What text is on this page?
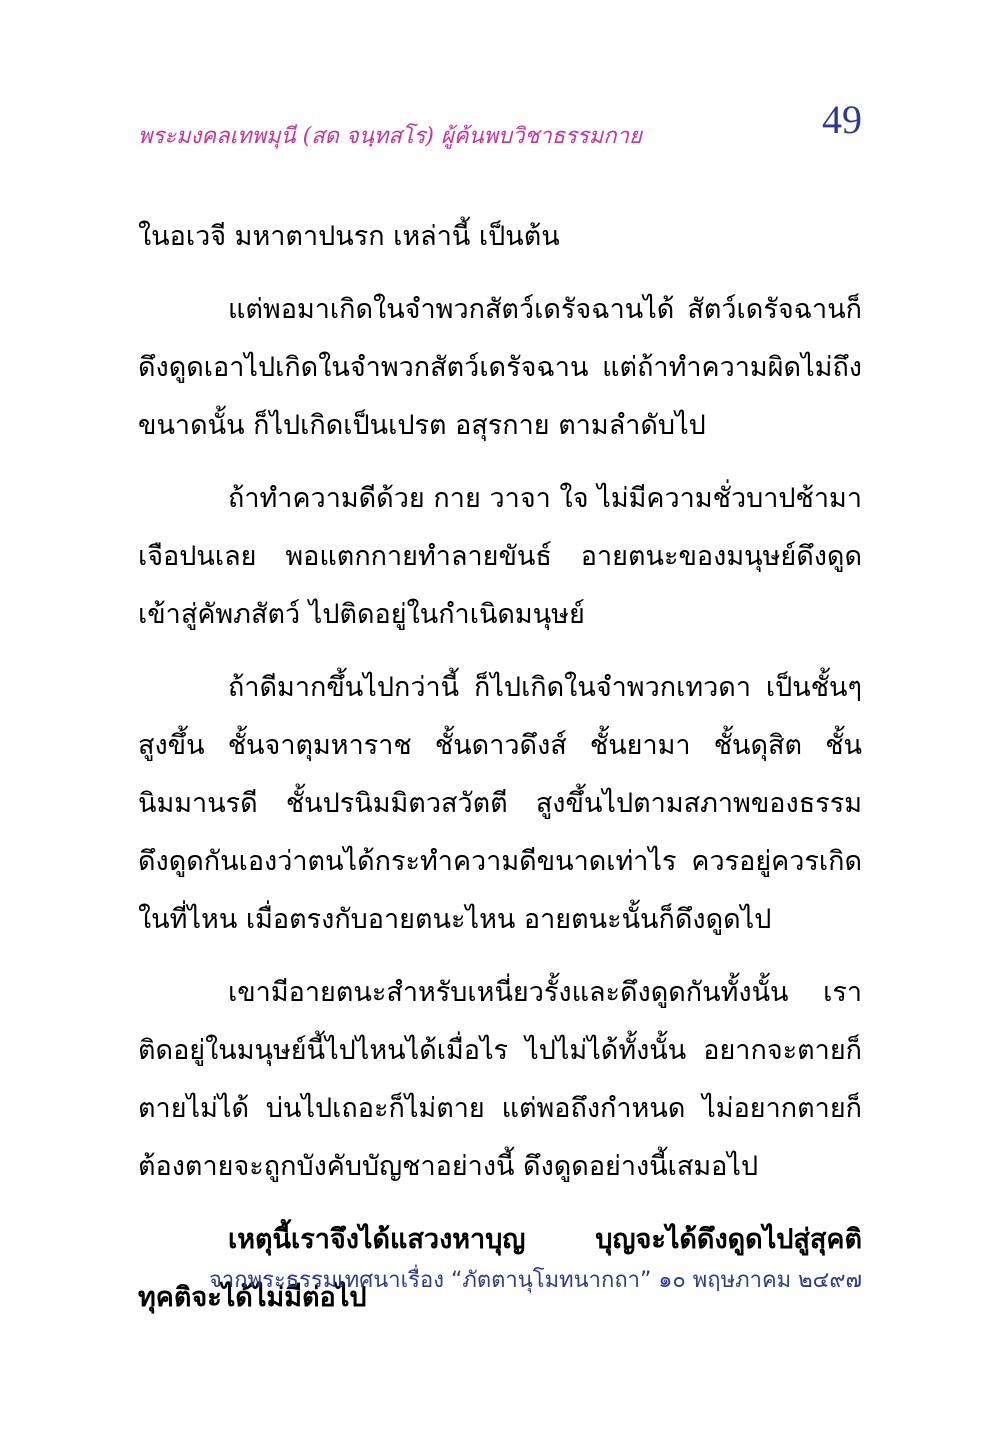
พระมงคลเทพมุนี (สด จนฺทสโร) ผู้ค้นพบวิชาธรรมกาย	49

ในอเวจี มหาตาปนรก เหล่านี้ เป็นต้น

แต่พอมาเกิดในจำพวกสัตว์เดรัจฉานได้ สัตว์เดรัจฉานก็ดึงดูดเอาไปเกิดในจำพวกสัตว์เดรัจฉาน แต่ถ้าทำความผิดไม่ถึงขนาดนั้น ก็ไปเกิดเป็นเปรต อสุรกาย ตามลำดับไป

ถ้าทำความดีด้วย กาย วาจา ใจ ไม่มีความชั่วบาปช้ามาเจือปนเลย พอแตกกายทำลายขันธ์ อายตนะของมนุษย์ดึงดูด เข้าสู่คัพภสัตว์ ไปติดอยู่ในกำเนิดมนุษย์

ถ้าดีมากขึ้นไปกว่านี้ ก็ไปเกิดในจำพวกเทวดา เป็นชั้นๆ สูงขึ้น ชั้นจาตุมหาราช ชั้นดาวดึงส์ ชั้นยามา ชั้นดุสิต ชั้นนิมมานรดี ชั้นปรนิมมิตวสวัตตี สูงขึ้นไปตามสภาพของธรรมดึงดูดกันเองว่าตนได้กระทำความดีขนาดเท่าไร ควรอยู่ควรเกิดในที่ไหน เมื่อตรงกับอายตนะไหน อายตนะนั้นก็ดึงดูดไป

เขามีอายตนะสำหรับเหนี่ยวรั้งและดึงดูดกันทั้งนั้น เราติดอยู่ในมนุษย์นี้ไปไหนได้เมื่อไร ไปไม่ได้ทั้งนั้น อยากจะตายก็ตายไม่ได้ บ่นไปเถอะก็ไม่ตาย แต่พอถึงกำหนด ไม่อยากตายก็ต้องตายจะถูกบังคับบัญชาอย่างนี้ ดึงดูดอย่างนี้เสมอไป

เหตุนี้เราจึงได้แสวงหาบุญ บุญจะได้ดึงดูดไปสู่สุคติ ทุคติจะได้ไม่มีต่อไป

จากพระธรรมเทศนาเรื่อง “ภัตตานุโมทนากถา” ๑๐ พฤษภาคม ๒๔๙๗
